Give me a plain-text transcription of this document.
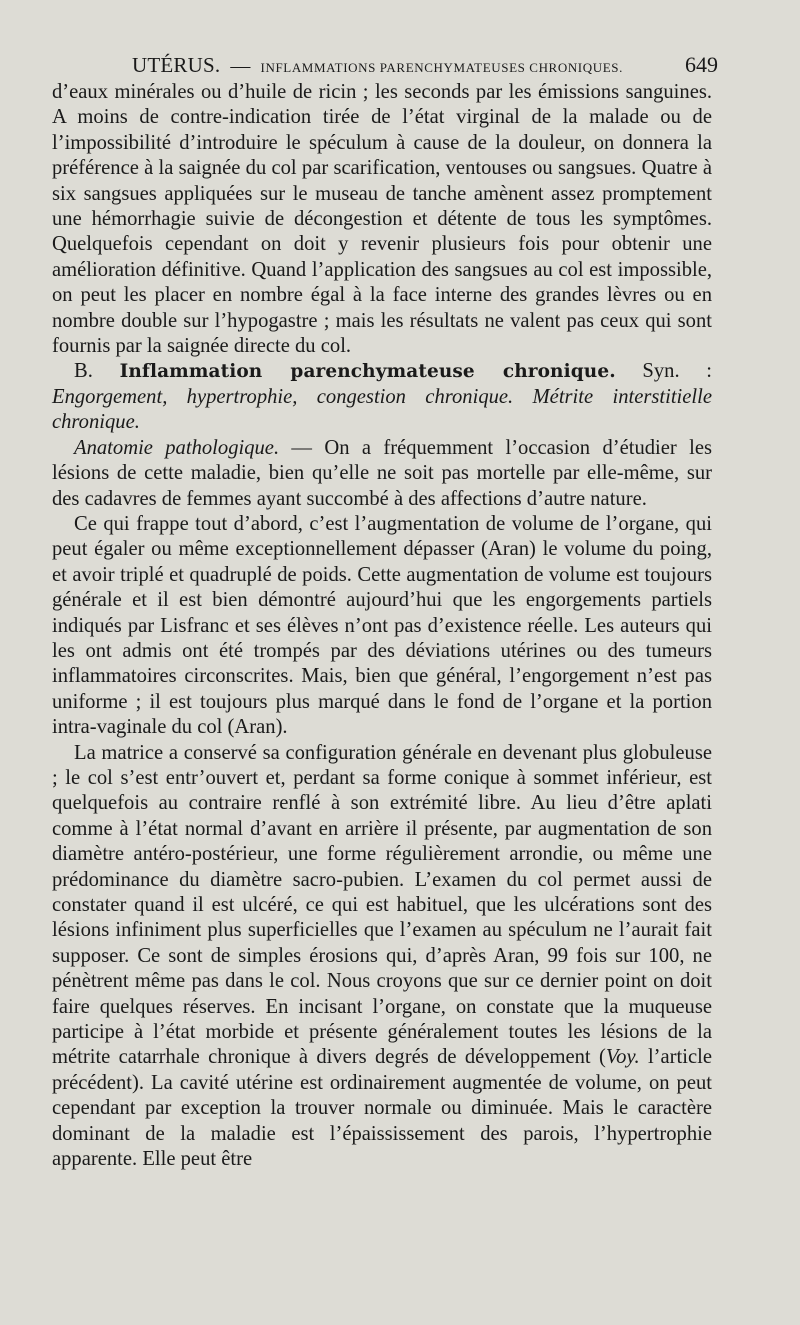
UTÉRUS. — INFLAMMATIONS PARENCHYMATEUSES CHRONIQUES.	649

d’eaux minérales ou d’huile de ricin ; les seconds par les émissions sanguines. A moins de contre-indication tirée de l’état virginal de la malade ou de l’impossibilité d’introduire le spéculum à cause de la douleur, on donnera la préférence à la saignée du col par scarification, ventouses ou sangsues. Quatre à six sangsues appliquées sur le museau de tanche amènent assez promptement une hémorrhagie suivie de décongestion et détente de tous les symptômes. Quelquefois cependant on doit y revenir plusieurs fois pour obtenir une amélioration définitive. Quand l’application des sangsues au col est impossible, on peut les placer en nombre égal à la face interne des grandes lèvres ou en nombre double sur l’hypogastre ; mais les résultats ne valent pas ceux qui sont fournis par la saignée directe du col.

B. Inflammation parenchymateuse chronique. Syn. : Engorgement, hypertrophie, congestion chronique. Métrite interstitielle chronique.

Anatomie pathologique. — On a fréquemment l’occasion d’étudier les lésions de cette maladie, bien qu’elle ne soit pas mortelle par elle-même, sur des cadavres de femmes ayant succombé à des affections d’autre nature.

Ce qui frappe tout d’abord, c’est l’augmentation de volume de l’organe, qui peut égaler ou même exceptionnellement dépasser (Aran) le volume du poing, et avoir triplé et quadruplé de poids. Cette augmentation de volume est toujours générale et il est bien démontré aujourd’hui que les engorgements partiels indiqués par Lisfranc et ses élèves n’ont pas d’existence réelle. Les auteurs qui les ont admis ont été trompés par des déviations utérines ou des tumeurs inflammatoires circonscrites. Mais, bien que général, l’engorgement n’est pas uniforme ; il est toujours plus marqué dans le fond de l’organe et la portion intra-vaginale du col (Aran).

La matrice a conservé sa configuration générale en devenant plus globuleuse ; le col s’est entr’ouvert et, perdant sa forme conique à sommet inférieur, est quelquefois au contraire renflé à son extrémité libre. Au lieu d’être aplati comme à l’état normal d’avant en arrière il présente, par augmentation de son diamètre antéro-postérieur, une forme régulièrement arrondie, ou même une prédominance du diamètre sacro-pubien. L’examen du col permet aussi de constater quand il est ulcéré, ce qui est habituel, que les ulcérations sont des lésions infiniment plus superficielles que l’examen au spéculum ne l’aurait fait supposer. Ce sont de simples érosions qui, d’après Aran, 99 fois sur 100, ne pénètrent même pas dans le col. Nous croyons que sur ce dernier point on doit faire quelques réserves. En incisant l’organe, on constate que la muqueuse participe à l’état morbide et présente généralement toutes les lésions de la métrite catarrhale chronique à divers degrés de développement (Voy. l’article précédent). La cavité utérine est ordinairement augmentée de volume, on peut cependant par exception la trouver normale ou diminuée. Mais le caractère dominant de la maladie est l’épaississement des parois, l’hypertrophie apparente. Elle peut être
